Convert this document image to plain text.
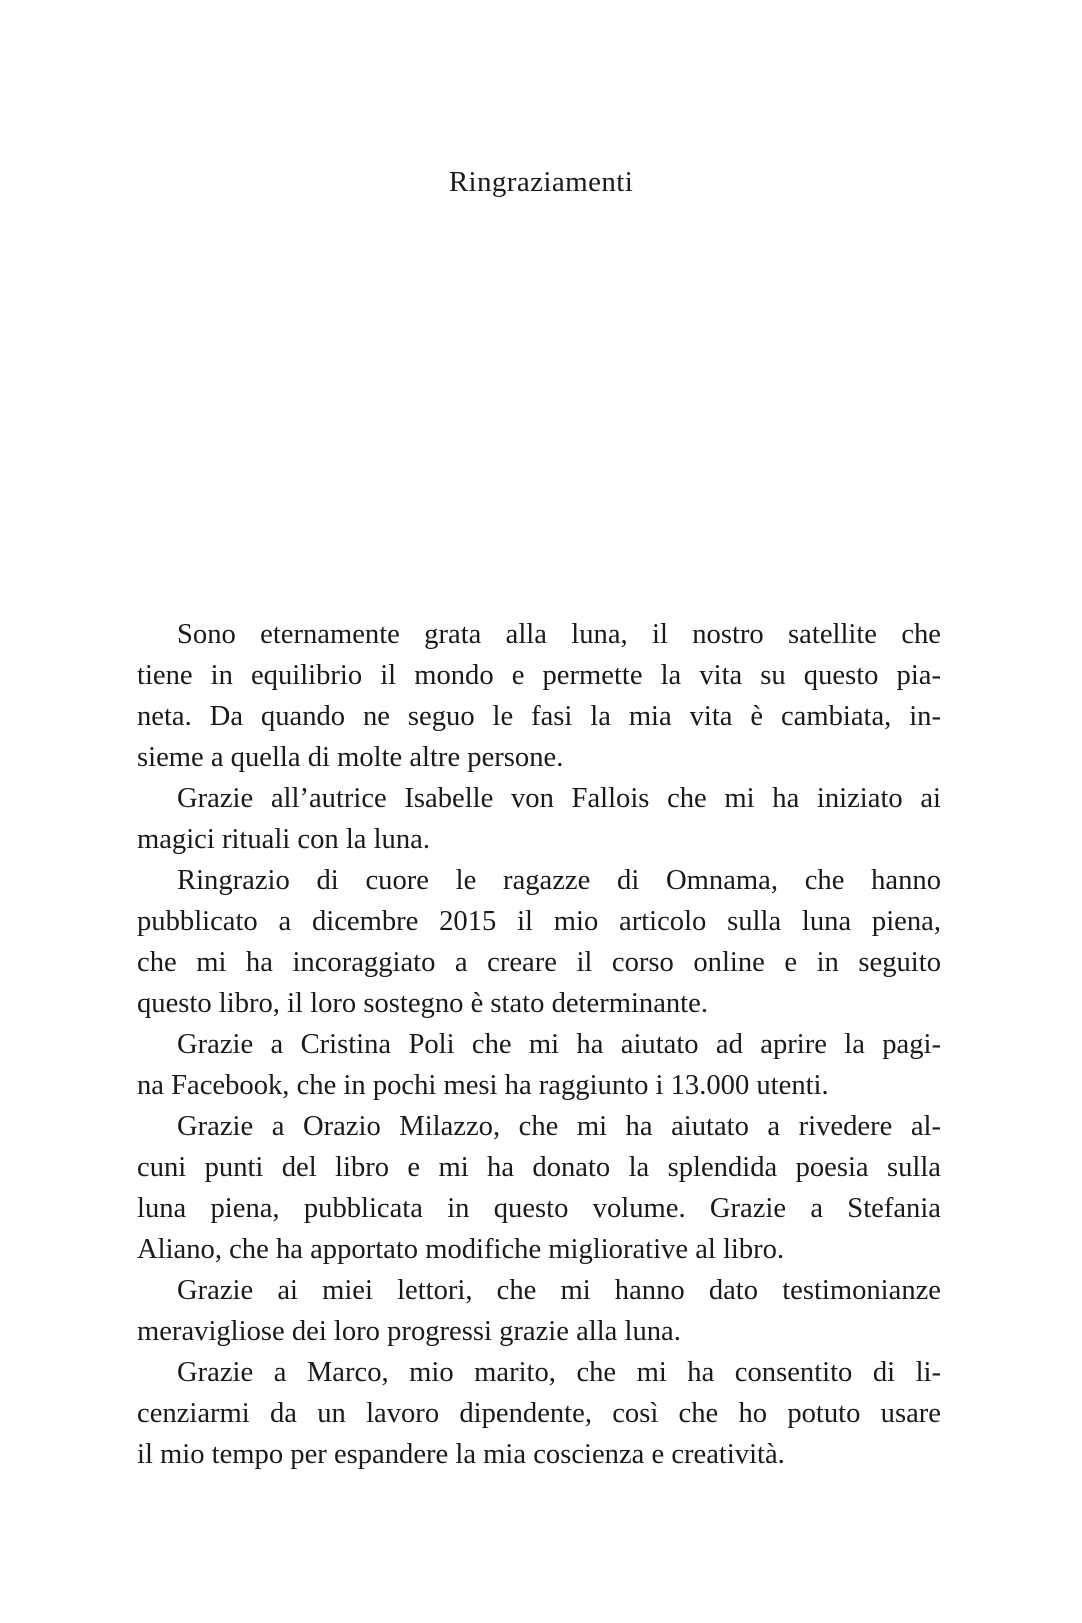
Ringraziamenti
Sono eternamente grata alla luna, il nostro satellite che
tiene in equilibrio il mondo e permette la vita su questo pia-
neta. Da quando ne seguo le fasi la mia vita è cambiata, in-
sieme a quella di molte altre persone.
Grazie all’autrice Isabelle von Fallois che mi ha iniziato ai
magici rituali con la luna.
Ringrazio di cuore le ragazze di Omnama, che hanno
pubblicato a dicembre 2015 il mio articolo sulla luna piena,
che mi ha incoraggiato a creare il corso online e in seguito
questo libro, il loro sostegno è stato determinante.
Grazie a Cristina Poli che mi ha aiutato ad aprire la pagi-
na Facebook, che in pochi mesi ha raggiunto i 13.000 utenti.
Grazie a Orazio Milazzo, che mi ha aiutato a rivedere al-
cuni punti del libro e mi ha donato la splendida poesia sulla
luna piena, pubblicata in questo volume. Grazie a Stefania
Aliano, che ha apportato modifiche migliorative al libro.
Grazie ai miei lettori, che mi hanno dato testimonianze
meravigliose dei loro progressi grazie alla luna.
Grazie a Marco, mio marito, che mi ha consentito di li-
cenziarmi da un lavoro dipendente, così che ho potuto usare
il mio tempo per espandere la mia coscienza e creatività.
